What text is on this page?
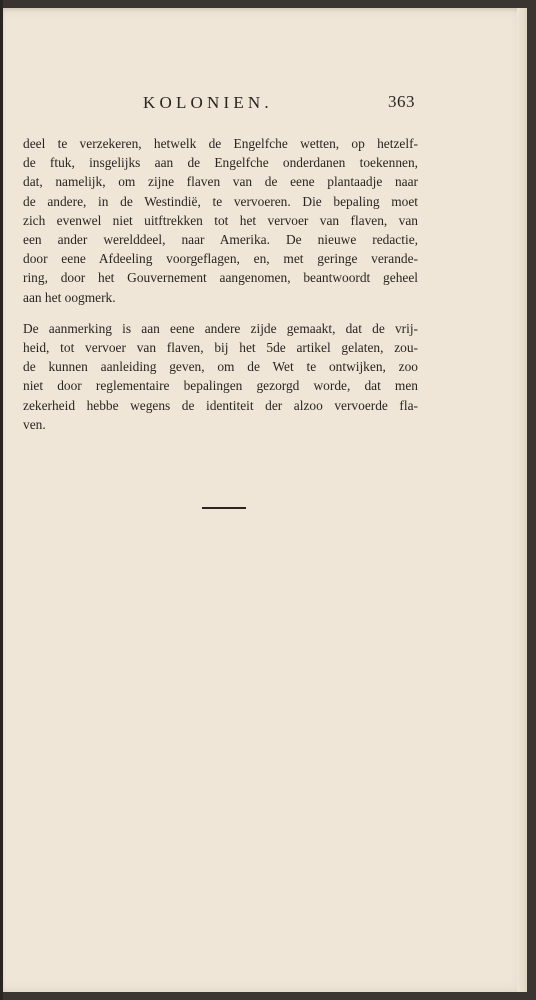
KOLONIEN.	363
deel te verzekeren, hetwelk de Engelfche wetten, op hetzelf-
de ftuk, insgelijks aan de Engelfche onderdanen toekennen,
dat, namelijk, om zijne flaven van de eene plantaadje naar
de andere, in de Westindië, te vervoeren. Die bepaling moet
zich evenwel niet uitftrekken tot het vervoer van flaven, van
een ander werelddeel, naar Amerika. De nieuwe redactie,
door eene Afdeeling voorgeflagen, en, met geringe verande-
ring, door het Gouvernement aangenomen, beantwoordt geheel
aan het oogmerk.
De aanmerking is aan eene andere zijde gemaakt, dat de vrij-
heid, tot vervoer van flaven, bij het 5de artikel gelaten, zou-
de kunnen aanleiding geven, om de Wet te ontwijken, zoo
niet door reglementaire bepalingen gezorgd worde, dat men
zekerheid hebbe wegens de identiteit der alzoo vervoerde fla-
ven.
